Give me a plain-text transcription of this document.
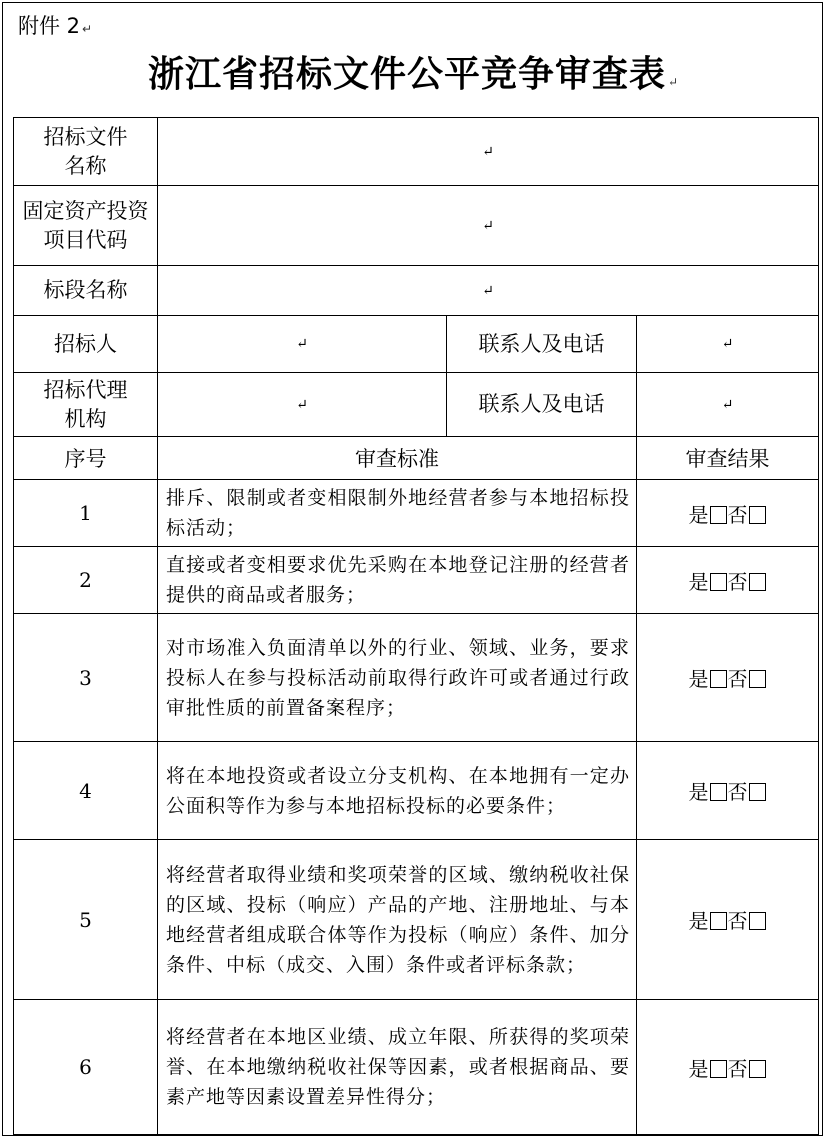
附件 2 ↵
浙江省招标文件公平竞争审查表 ↵
招标文件名称	↵		

固定资产投资项目代码	↵		
标段名称	↵		
招标人	↵	联系人及电话	↵

招标代理机构	↵	联系人及电话	↵
序号	审查标准		审查结果
1	排斥、限制或者变相限制外地经营者参与本地招标投标活动；		是 否
2	直接或者变相要求优先采购在本地登记注册的经营者提供的商品或者服务；		是 否
3	对市场准入负面清单以外的行业、领域、业务，要求投标人在参与投标活动前取得行政许可或者通过行政审批性质的前置备案程序；		是 否
4	将在本地投资或者设立分支机构、在本地拥有一定办公面积等作为参与本地招标投标的必要条件；		是 否
5	将经营者取得业绩和奖项荣誉的区域、缴纳税收社保的区域、投标（响应）产品的产地、注册地址、与本地经营者组成联合体等作为投标（响应）条件、加分条件、中标（成交、入围）条件或者评标条款；		是 否
6	将经营者在本地区业绩、成立年限、所获得的奖项荣誉、在本地缴纳税收社保等因素，或者根据商品、要素产地等因素设置差异性得分；		是 否
